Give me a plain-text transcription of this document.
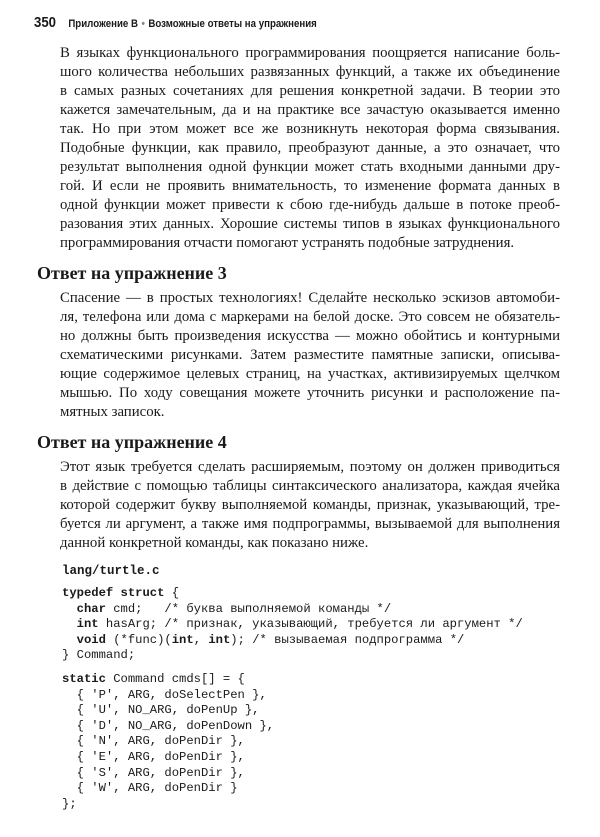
350 Приложение B • Возможные ответы на упражнения
В языках функционального программирования поощряется написание боль-
шого количества небольших развязанных функций, а также их объединение
в самых разных сочетаниях для решения конкретной задачи. В теории это
кажется замечательным, да и на практике все зачастую оказывается именно
так. Но при этом может все же возникнуть некоторая форма связывания.
Подобные функции, как правило, преобразуют данные, а это означает, что
результат выполнения одной функции может стать входными данными дру-
гой. И если не проявить внимательность, то изменение формата данных в
одной функции может привести к сбою где-нибудь дальше в потоке преоб-
разования этих данных. Хорошие системы типов в языках функционального
программирования отчасти помогают устранять подобные затруднения.
Ответ на упражнение 3
Спасение — в простых технологиях! Сделайте несколько эскизов автомоби-
ля, телефона или дома с маркерами на белой доске. Это совсем не обязатель-
но должны быть произведения искусства — можно обойтись и контурными
схематическими рисунками. Затем разместите памятные записки, описыва-
ющие содержимое целевых страниц, на участках, активизируемых щелчком
мышью. По ходу совещания можете уточнить рисунки и расположение па-
мятных записок.
Ответ на упражнение 4
Этот язык требуется сделать расширяемым, поэтому он должен приводиться
в действие с помощью таблицы синтаксического анализатора, каждая ячейка
которой содержит букву выполняемой команды, признак, указывающий, тре-
буется ли аргумент, а также имя подпрограммы, вызываемой для выполнения
данной конкретной команды, как показано ниже.
lang/turtle.c
typedef struct {
char cmd;   /* буква выполняемой команды */
int hasArg; /* признак, указывающий, требуется ли аргумент */
void (*func)(int, int); /* вызываемая подпрограмма */
} Command;
static Command cmds[] = {
{ 'P', ARG, doSelectPen },
{ 'U', NO_ARG, doPenUp },
{ 'D', NO_ARG, doPenDown },
{ 'N', ARG, doPenDir },
{ 'E', ARG, doPenDir },
{ 'S', ARG, doPenDir },
{ 'W', ARG, doPenDir }
};
